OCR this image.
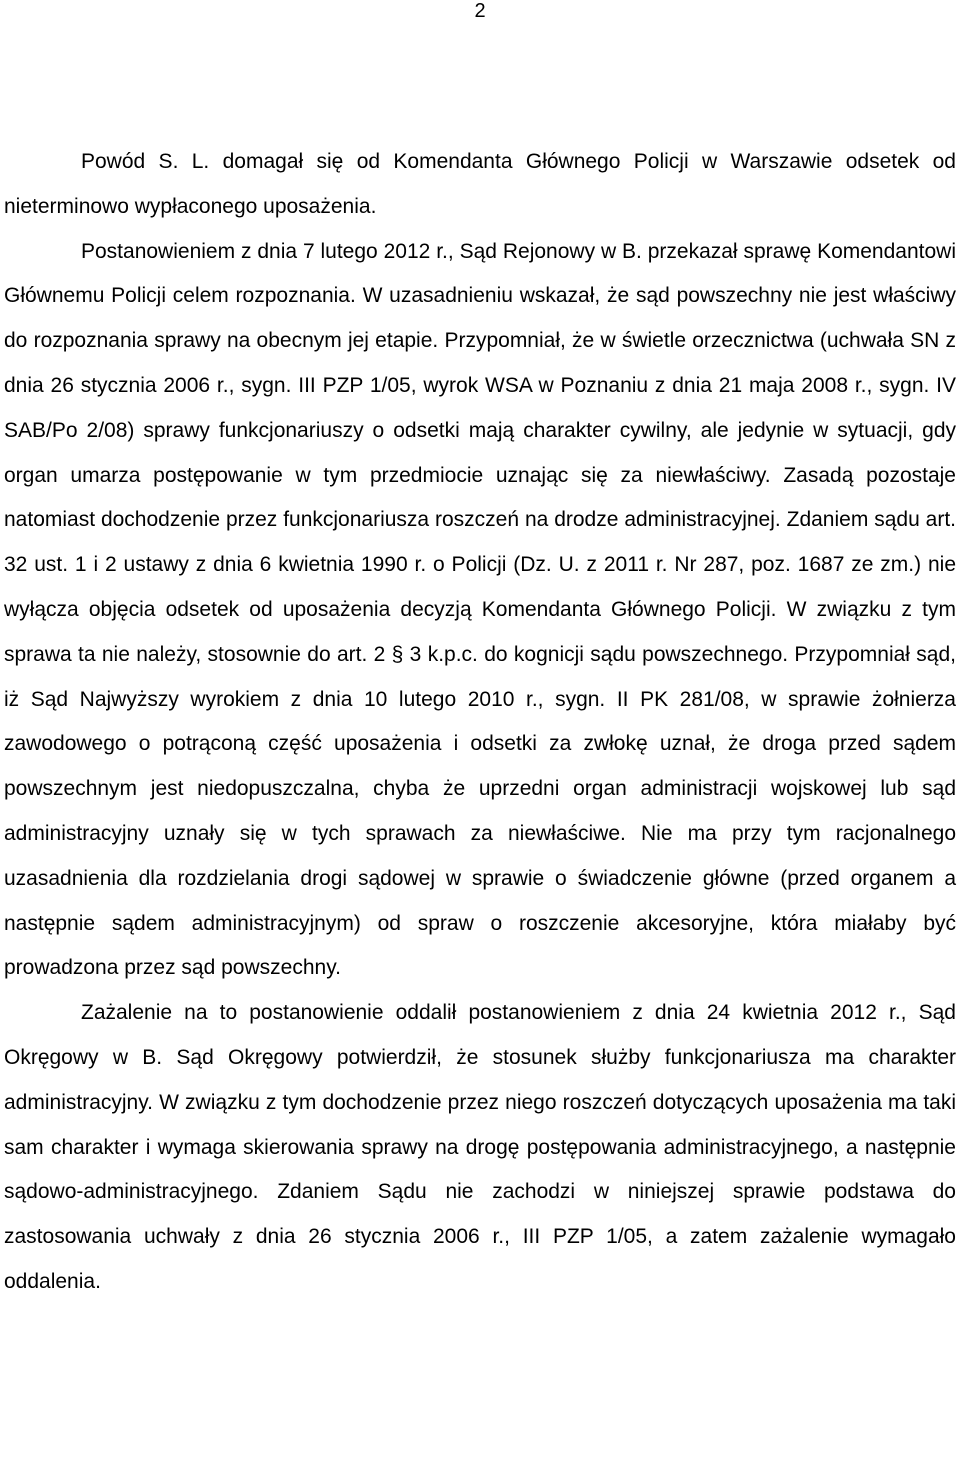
2

Powód S. L. domagał się od Komendanta Głównego Policji w Warszawie odsetek od nieterminowo wypłaconego uposażenia.

Postanowieniem z dnia 7 lutego 2012 r., Sąd Rejonowy w B. przekazał sprawę Komendantowi Głównemu Policji celem rozpoznania. W uzasadnieniu wskazał, że sąd powszechny nie jest właściwy do rozpoznania sprawy na obecnym jej etapie. Przypomniał, że w świetle orzecznictwa (uchwała SN z dnia 26 stycznia 2006 r., sygn. III PZP 1/05, wyrok WSA w Poznaniu z dnia 21 maja 2008 r., sygn. IV SAB/Po 2/08) sprawy funkcjonariuszy o odsetki mają charakter cywilny, ale jedynie w sytuacji, gdy organ umarza postępowanie w tym przedmiocie uznając się za niewłaściwy. Zasadą pozostaje natomiast dochodzenie przez funkcjonariusza roszczeń na drodze administracyjnej. Zdaniem sądu art. 32 ust. 1 i 2 ustawy z dnia 6 kwietnia 1990 r. o Policji (Dz. U. z 2011 r. Nr 287, poz. 1687 ze zm.) nie wyłącza objęcia odsetek od uposażenia decyzją Komendanta Głównego Policji. W związku z tym sprawa ta nie należy, stosownie do art. 2 § 3 k.p.c. do kognicji sądu powszechnego. Przypomniał sąd, iż Sąd Najwyższy wyrokiem z dnia 10 lutego 2010 r., sygn. II PK 281/08, w sprawie żołnierza zawodowego o potrąconą część uposażenia i odsetki za zwłokę uznał, że droga przed sądem powszechnym jest niedopuszczalna, chyba że uprzedni organ administracji wojskowej lub sąd administracyjny uznały się w tych sprawach za niewłaściwe. Nie ma przy tym racjonalnego uzasadnienia dla rozdzielania drogi sądowej w sprawie o świadczenie główne (przed organem a następnie sądem administracyjnym) od spraw o roszczenie akcesoryjne, która miałaby być prowadzona przez sąd powszechny.

Zażalenie na to postanowienie oddalił postanowieniem z dnia 24 kwietnia 2012 r., Sąd Okręgowy w B. Sąd Okręgowy potwierdził, że stosunek służby funkcjonariusza ma charakter administracyjny. W związku z tym dochodzenie przez niego roszczeń dotyczących uposażenia ma taki sam charakter i wymaga skierowania sprawy na drogę postępowania administracyjnego, a następnie sądowo-administracyjnego. Zdaniem Sądu nie zachodzi w niniejszej sprawie podstawa do zastosowania uchwały z dnia 26 stycznia 2006 r., III PZP 1/05, a zatem zażalenie wymagało oddalenia.
